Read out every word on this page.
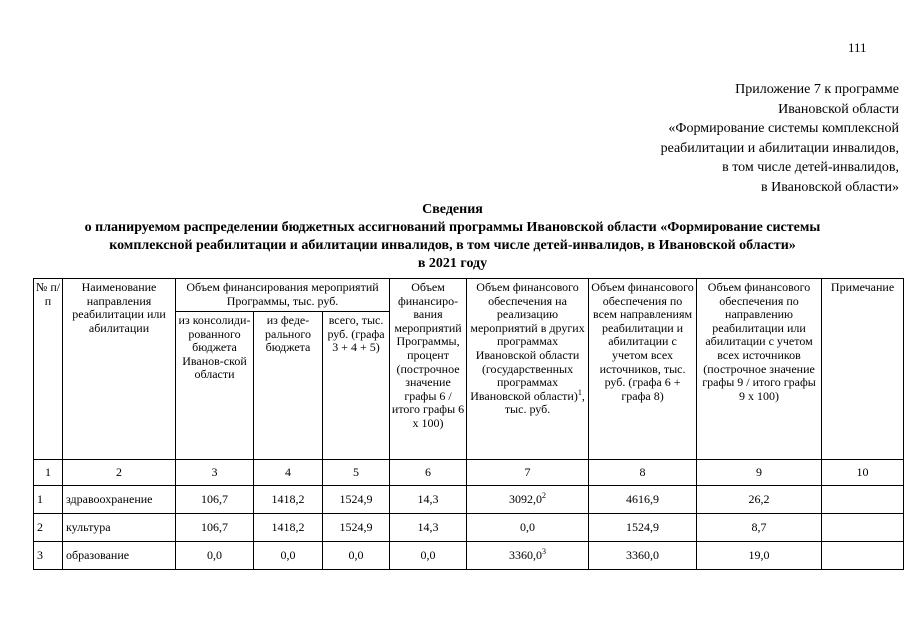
111
Приложение 7 к программе
Ивановской области
«Формирование системы комплексной
реабилитации и абилитации инвалидов,
в том числе детей-инвалидов,
в Ивановской области»
Сведения
о планируемом распределении бюджетных ассигнований программы Ивановской области «Формирование системы
комплексной реабилитации и абилитации инвалидов, в том числе детей-инвалидов, в Ивановской области»
в 2021 году
№ п/п	Наименование направления реабилитации или абилитации	Объем финансирования мероприятий Программы, тыс. руб.			Объем финансиро-вания мероприятий Программы, процент (построчное значение графы 6 / итого графы 6 х 100)	Объем финансового обеспечения на реализацию мероприятий в других программах Ивановской области (государственных программах Ивановской области)$^1$, тыс. руб.	Объем финансового обеспечения по всем направлениям реабилитации и абилитации с учетом всех источников, тыс. руб. (графа 6 + графа 8)	Объем финансового обеспечения по направлению реабилитации или абилитации с учетом всех источников (построчное значение графы 9 / итого графы 9 х 100)	Примечание
		из консолиди-рованного бюджета Иванов-ской области	из феде-рального бюджета	всего, тыс. руб. (графа 3 + 4 + 5)					
1	2	3	4	5	6	7	8	9	10
1	здравоохранение	106,7	1418,2	1524,9	14,3	3092,0$^2$	4616,9	26,2	
2	культура	106,7	1418,2	1524,9	14,3	0,0	1524,9	8,7	
3	образование	0,0	0,0	0,0	0,0	3360,0$^3$	3360,0	19,0	
